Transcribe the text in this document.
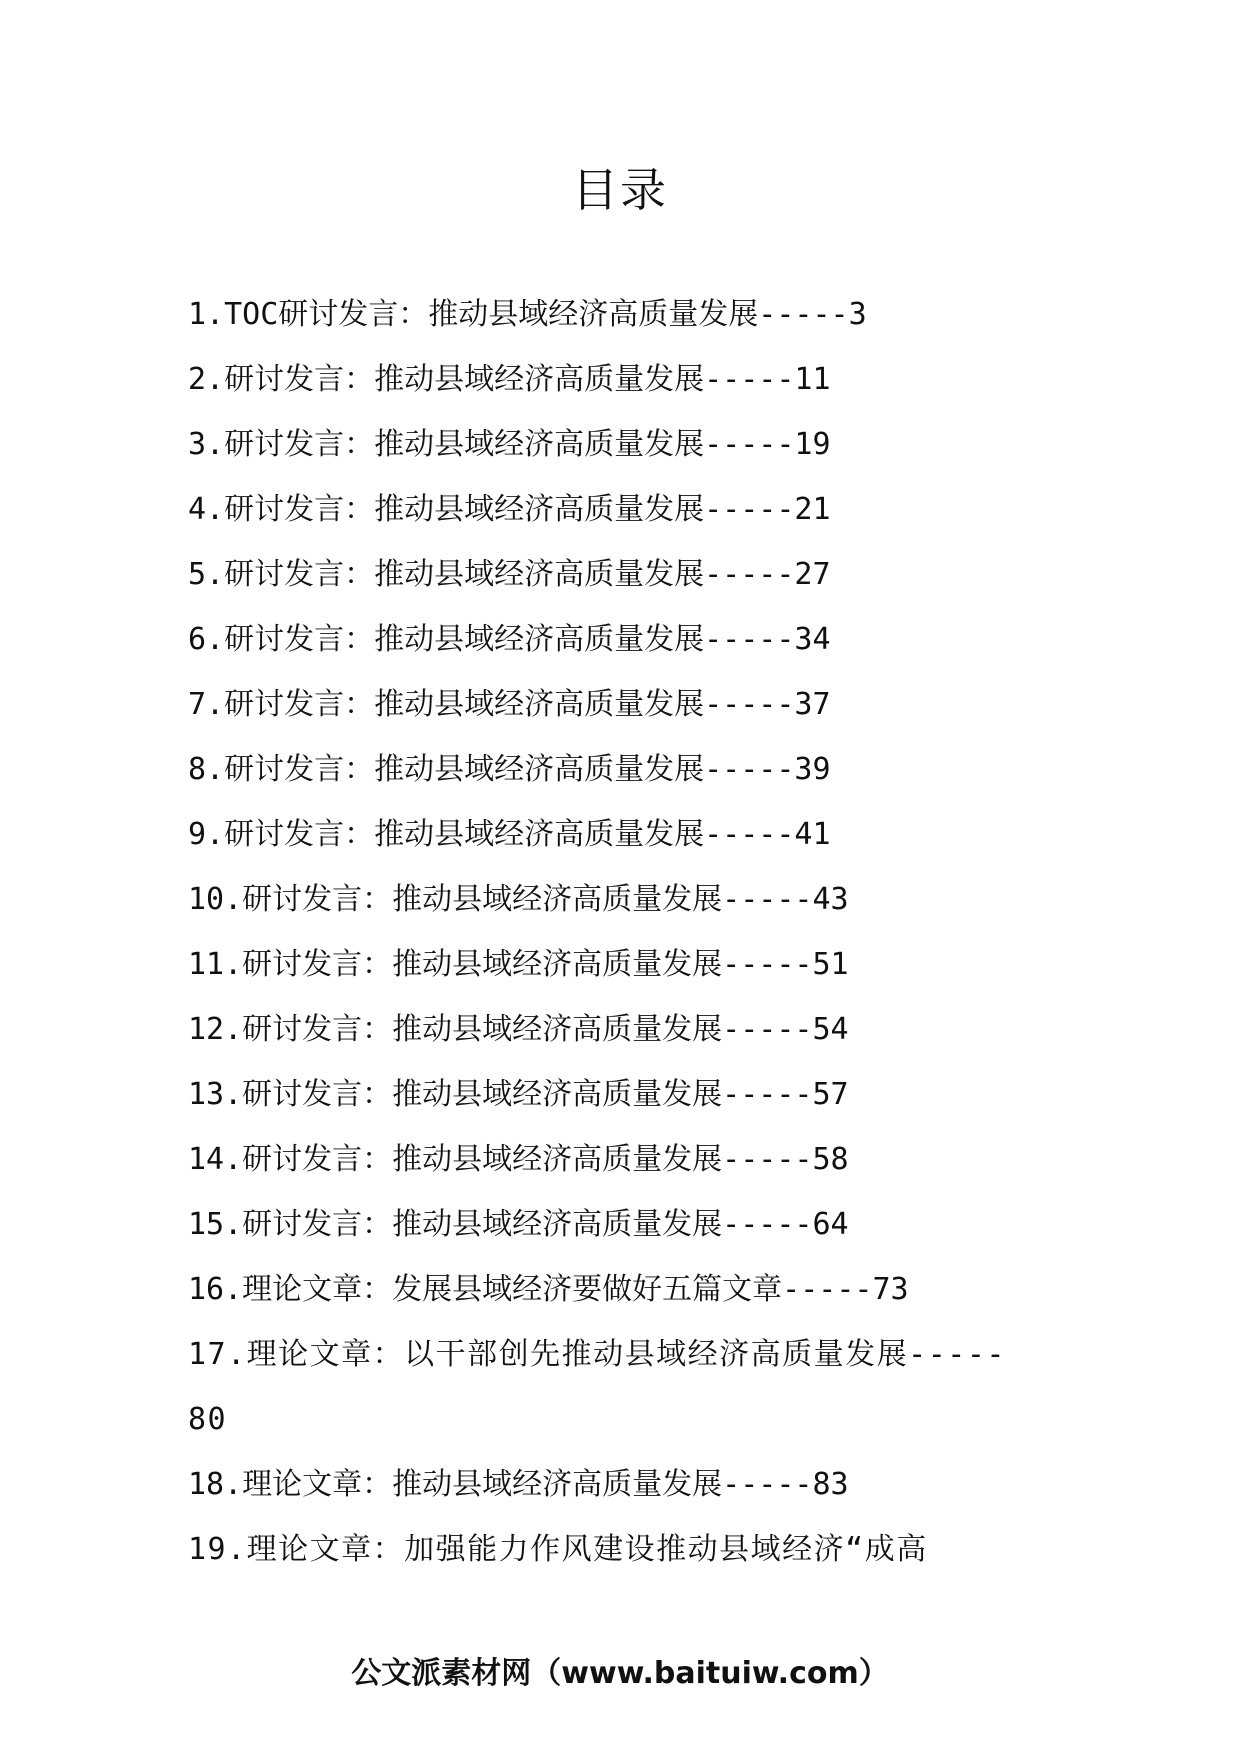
目录
1.TOC研讨发言：推动县域经济高质量发展-----3
2.研讨发言：推动县域经济高质量发展-----11
3.研讨发言：推动县域经济高质量发展-----19
4.研讨发言：推动县域经济高质量发展-----21
5.研讨发言：推动县域经济高质量发展-----27
6.研讨发言：推动县域经济高质量发展-----34
7.研讨发言：推动县域经济高质量发展-----37
8.研讨发言：推动县域经济高质量发展-----39
9.研讨发言：推动县域经济高质量发展-----41
10.研讨发言：推动县域经济高质量发展-----43
11.研讨发言：推动县域经济高质量发展-----51
12.研讨发言：推动县域经济高质量发展-----54
13.研讨发言：推动县域经济高质量发展-----57
14.研讨发言：推动县域经济高质量发展-----58
15.研讨发言：推动县域经济高质量发展-----64
16.理论文章：发展县域经济要做好五篇文章-----73
17.理论文章：以干部创先推动县域经济高质量发展-----
80
18.理论文章：推动县域经济高质量发展-----83
19.理论文章：加强能力作风建设推动县域经济“成高
公文派素材网（www.baituiw.com）
